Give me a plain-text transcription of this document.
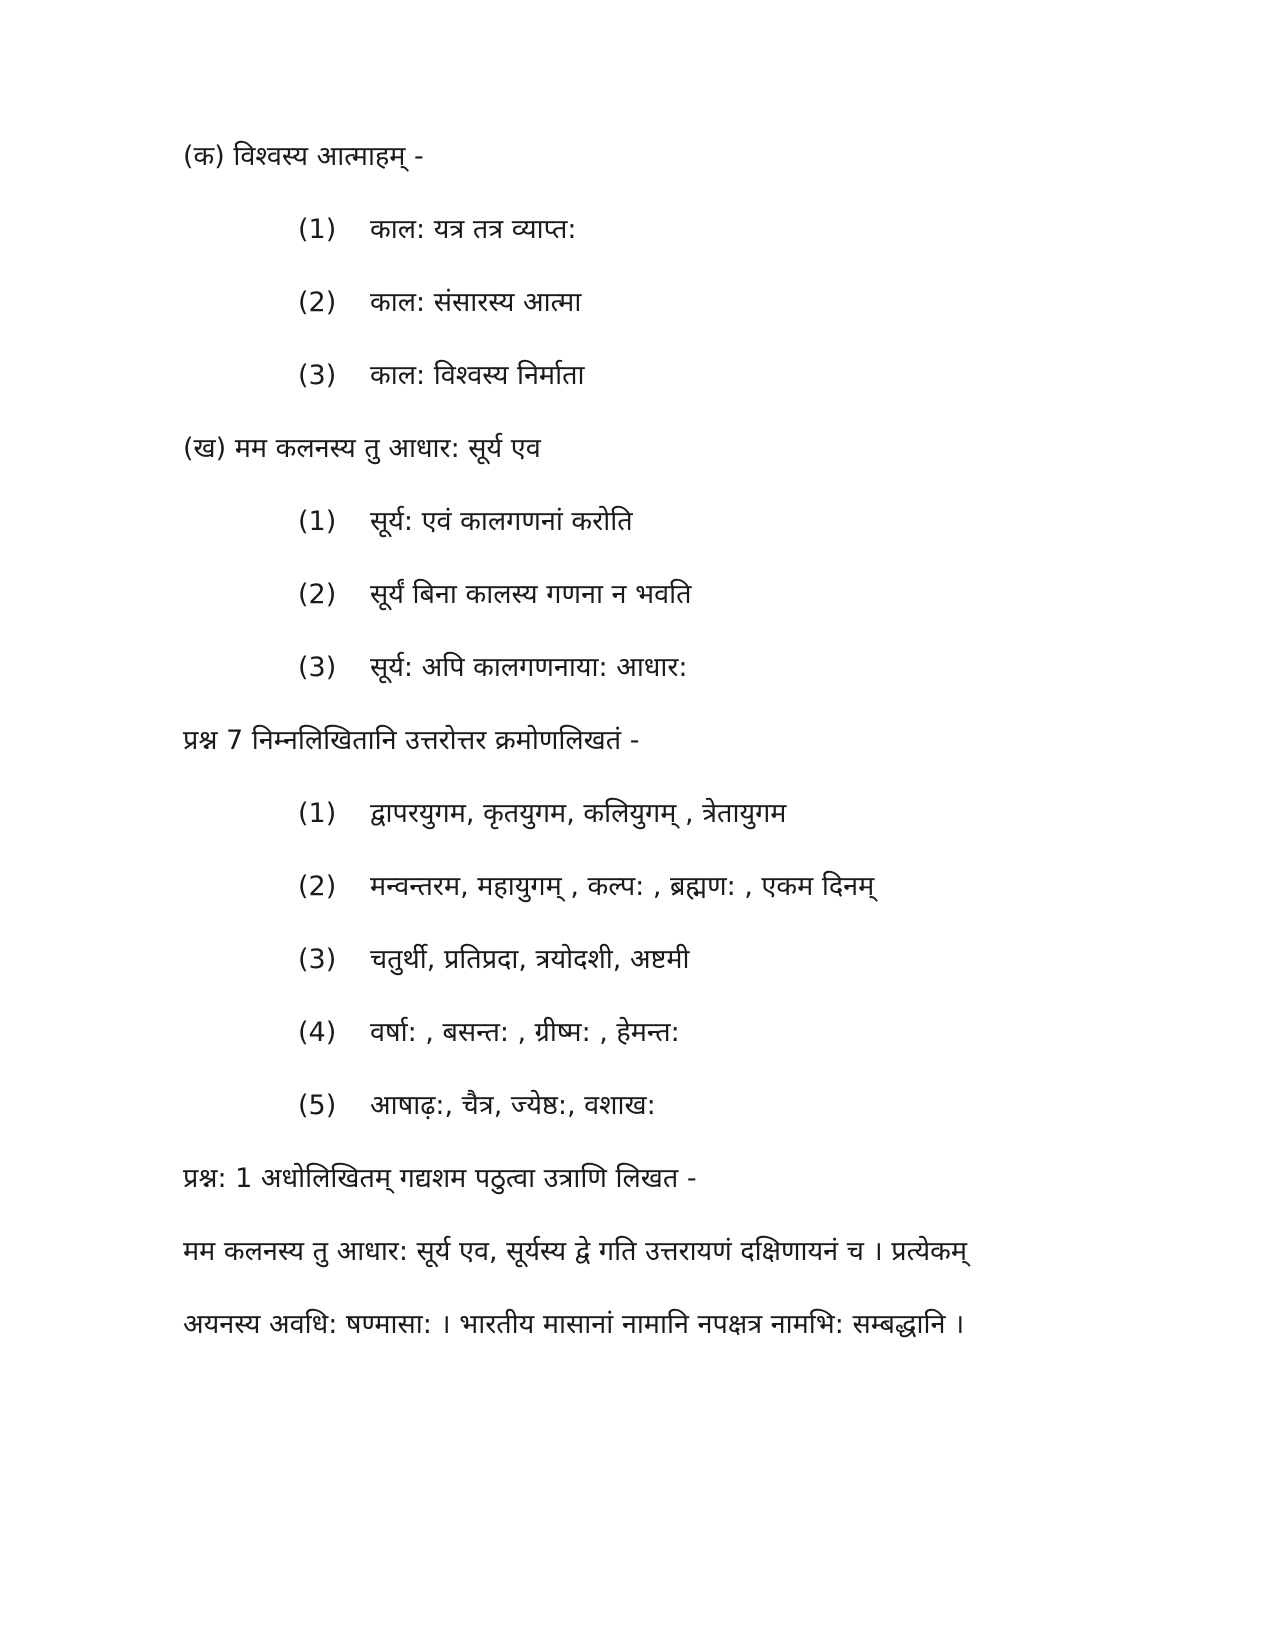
(क) विश्वस्य आत्माहम् -
(1) काल: यत्र तत्र व्याप्त:
(2) काल: संसारस्य आत्मा
(3) काल: विश्वस्य निर्माता
(ख) मम कलनस्य तु आधार: सूर्य एव
(1) सूर्य: एवं कालगणनां करोति
(2) सूर्यं बिना कालस्य गणना न भवति
(3) सूर्य: अपि कालगणनाया: आधार:
प्रश्न 7 निम्नलिखितानि उत्तरोत्तर क्रमोणलिखतं -
(1) द्वापरयुगम, कृतयुगम, कलियुगम् , त्रेतायुगम
(2) मन्वन्तरम, महायुगम् , कल्प: , ब्रह्मण: , एकम दिनम्
(3) चतुर्थी, प्रतिप्रदा, त्रयोदशी, अष्टमी
(4) वर्षा: , बसन्त: , ग्रीष्म: , हेमन्त:
(5) आषाढ़:, चैत्र, ज्येष्ठ:, वशाख:
प्रश्न: 1 अधोलिखितम् गद्यशम पठुत्वा उत्राणि लिखत -
मम कलनस्य तु आधार: सूर्य एव, सूर्यस्य द्वे गति उत्तरायणं दक्षिणायनं च । प्रत्येकम्
अयनस्य अवधि: षण्मासा: । भारतीय मासानां नामानि नपक्षत्र नामभि: सम्बद्धानि ।
